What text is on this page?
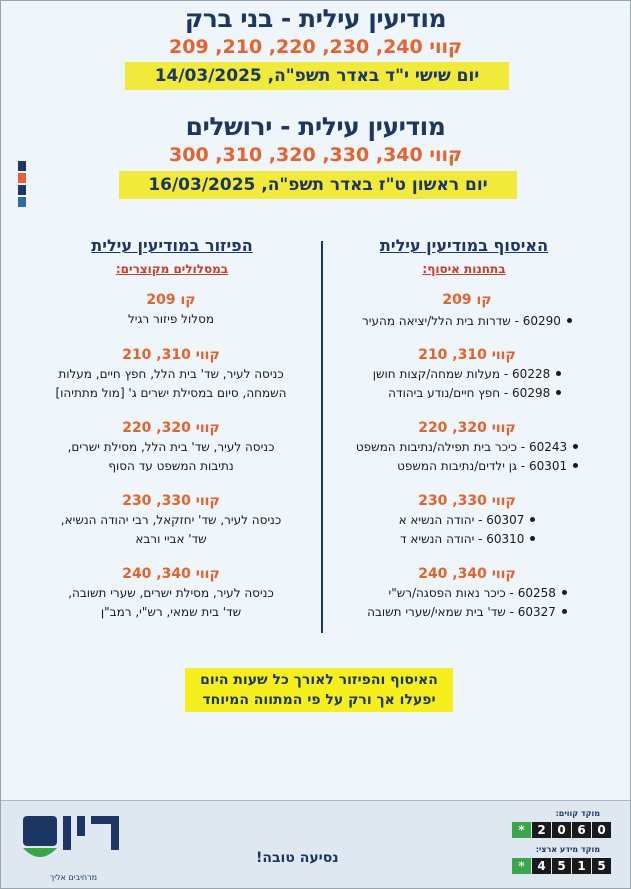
מודיעין עילית - בני ברק
קווי 240, 230, 220, 210, 209
יום שישי י"ד באדר תשפ"ה, 14/03/2025
מודיעין עילית - ירושלים
קווי 340, 330, 320, 310, 300
יום ראשון ט"ז באדר תשפ"ה, 16/03/2025
האיסוף במודיעין עילית
בתחנות איסוף:
קו 209
60290 - שדרות בית הלל/יציאה מהעיר
קווי 310, 210
60228 - מעלות שמחה/קצות חושן
60298 - חפץ חיים/נודע ביהודה
קווי 320, 220
60243 - כיכר בית תפילה/נתיבות המשפט
60301 - גן ילדים/נתיבות המשפט
קווי 330, 230
60307 - יהודה הנשיא א
60310 - יהודה הנשיא ד
קווי 340, 240
60258 - כיכר נאות הפסגה/רש"י
60327 - שד' בית שמאי/שערי תשובה
הפיזור במודיעין עילית
במסלולים מקוצרים:
קו 209
מסלול פיזור רגיל
קווי 310, 210
כניסה לעיר, שד' בית הלל, חפץ חיים, מעלות
השמחה, סיום במסילת ישרים ג' [מול מתתיהו]
קווי 320, 220
כניסה לעיר, שד' בית הלל, מסילת ישרים,
נתיבות המשפט עד הסוף
קווי 330, 230
כניסה לעיר, שד' יחזקאל, רבי יהודה הנשיא,
שד' אביי ורבא
קווי 340, 240
כניסה לעיר, מסילת ישרים, שערי תשובה,
שד' בית שמאי, רש"י, רמב"ן
האיסוף והפיזור לאורך כל שעות היום
יפעלו אך ורק על פי המתווה המיוחד
מרחיבים אליך
נסיעה טובה!
מוקד קווים:
*	2 0 6 0
מוקד מידע ארצי:
*	4 5 1 5
